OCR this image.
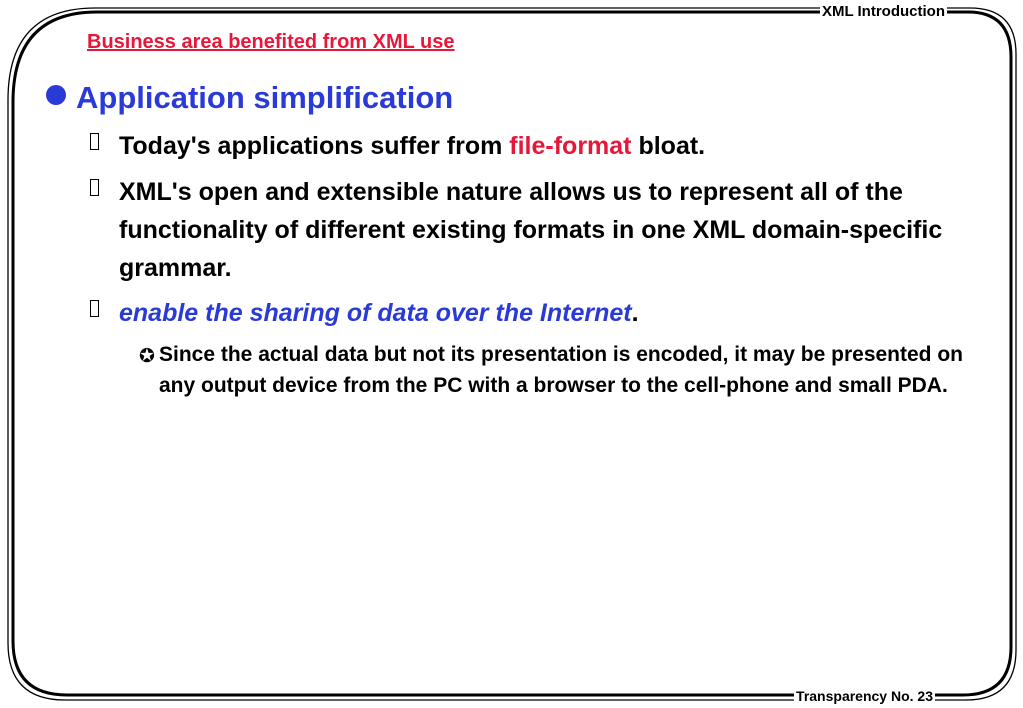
XML Introduction
Transparency No. 23
Business area benefited from XML use
Application simplification
Today's applications suffer from file-format bloat.
XML's open and extensible nature allows us to represent all of the functionality of different existing formats in one XML domain-specific grammar.
enable the sharing of data over the Internet.
✪ Since the actual data but not its presentation is encoded, it may be presented on any output device from the PC with a browser to the cell-phone and small PDA.
